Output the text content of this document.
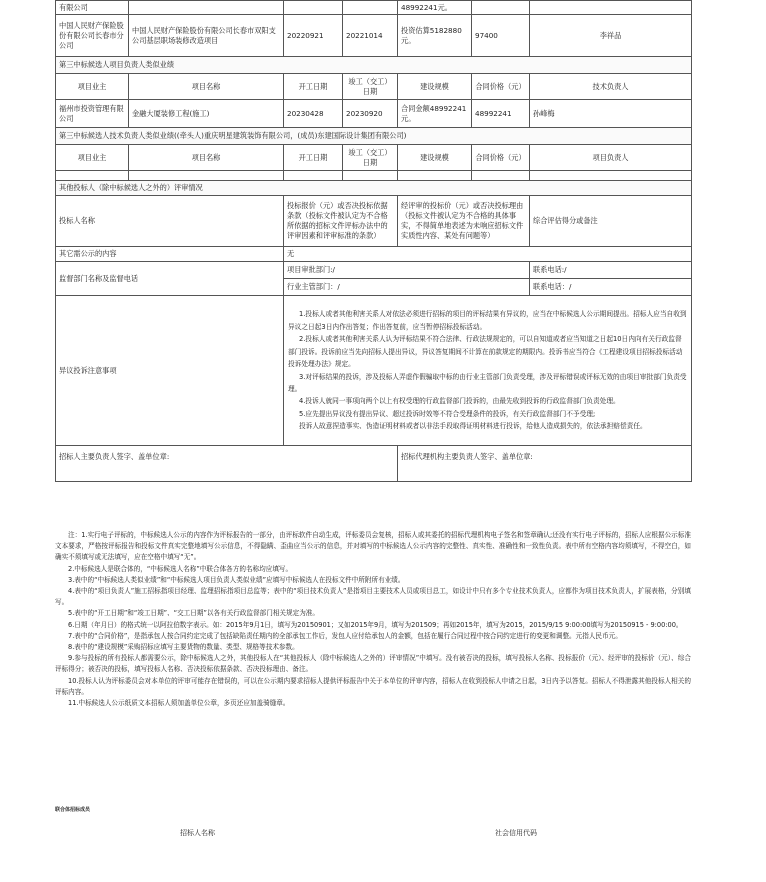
有限公司				48992241元。		
中国人民财产保险股份有限公司长春市分公司	中国人民财产保险股份有限公司长春市双阳支公司基层职场装修改造项目	20220921	20221014	投资估算5182880元。	97400	李祥品
第三中标候选人项目负责人类似业绩
项目业主	项目名称	开工日期	竣工（交工）日期	建设规模	合同价格（元）	技术负责人
福州市投资管理有限公司	金融大厦装修工程(施工)	20230428	20230920	合同金额48992241元。	48992241	孙峰梅
第三中标候选人技术负责人类似业绩((牵头人)重庆明星建筑装饰有限公司，(成员)东建国际设计集团有限公司)
项目业主	项目名称	开工日期	竣工（交工）日期	建设规模	合同价格（元）	项目负责人

其他投标人（除中标候选人之外的）评审情况
投标人名称	投标报价（元）或否决投标依据条款（投标文件被认定为不合格所依据的招标文件评标办法中的评审因素和评审标准的条款）	经评审的投标价（元）或否决投标理由（投标文件被认定为不合格的具体事实，不得简单地表述为未响应招标文件实质性内容、某处有问题等）	综合评估得分或备注
其它需公示的内容	无
监督部门名称及监督电话	项目审批部门:/	联系电话:/
行业主管部门：/	联系电话：/
异议投诉注意事项	

1.投标人或者其他利害关系人对依法必须进行招标的项目的评标结果有异议的，应当在中标候选人公示期间提出。招标人应当自收到异议之日起3日内作出答复；作出答复前，应当暂停招标投标活动。

2.投标人或者其他利害关系人认为评标结果不符合法律、行政法规规定的，可以自知道或者应当知道之日起10日内向有关行政监督部门投诉。投诉前应当先向招标人提出异议，异议答复期间不计算在前款规定的期限内。投诉书应当符合《工程建设项目招标投标活动投诉处理办法》规定。

3.对评标结果的投诉，涉及投标人弄虚作假骗取中标的由行业主管部门负责受理，涉及评标错误或评标无效的由项目审批部门负责受理。

4.投诉人就同一事项向两个以上有权受理的行政监督部门投诉的，由最先收到投诉的行政监督部门负责处理。

5.应先提出异议没有提出异议、超过投诉时效等不符合受理条件的投诉，有关行政监督部门不予受理;

投诉人故意捏造事实、伪造证明材料或者以非法手段取得证明材料进行投诉，给他人造成损失的，依法承担赔偿责任。

招标人主要负责人签字、盖单位章:	招标代理机构主要负责人签字、盖单位章:

注：1.实行电子评标的，中标候选人公示的内容作为评标报告的一部分，由评标软件自动生成，评标委员会复核，招标人或其委托的招标代理机构电子签名和签章确认;还没有实行电子评标的，招标人应根据公示标准文本要求，严格按评标报告和投标文件真实完整地填写公示信息，不得隐瞒、歪曲应当公示的信息，并对填写的中标候选人公示内容的完整性、真实性、准确性和一致性负责。表中所有空格内容均须填写，不得空白，如确实不须填写或无法填写，应在空格中填写“无”。

2.中标候选人是联合体的，“中标候选人名称”中联合体各方的名称均应填写。

3.表中的“中标候选人类似业绩”和“中标候选人项目负责人类似业绩”应填写中标候选人在投标文件中所附所有业绩。

4.表中的“项目负责人”施工招标指项目经理、监理招标指项目总监等；表中的“项目技术负责人”是指项目主要技术人员或项目总工，如设计中只有多个专业技术负责人，应都作为项目技术负责人，扩展表格，分别填写。

5.表中的“开工日期”和“竣工日期”、“交工日期”以各有关行政监督部门相关规定为准。

6.日期（年月日）的格式统一以阿拉伯数字表示。如：2015年9月1日，填写为20150901；又如2015年9月，填写为201509；再如2015年，填写为2015，2015/9/15 9:00:00填写为20150915 - 9:00:00。

7.表中的“合同价格”，是指承包人按合同约定完成了包括缺陷责任期内的全部承包工作后，发包人应付给承包人的金额，包括在履行合同过程中按合同约定进行的变更和调整。元指人民币元。

8.表中的“建设规模”采购招标应填写主要货物的数量、类型、规格等技术参数。

9.参与投标的所有投标人都需要公示，除中标候选人之外，其他投标人在“其他投标人（除中标候选人之外的）评审情况”中填写。没有被否决的投标，填写投标人名称、投标报价（元）、经评审的投标价（元）、综合评标得分；被否决的投标，填写投标人名称、否决投标依据条款、否决投标理由、备注。

10.投标人认为评标委员会对本单位的评审可能存在错误的，可以在公示期内要求招标人提供评标报告中关于本单位的评审内容，招标人在收到投标人申请之日起，3日内予以答复。招标人不得泄露其他投标人相关的评标内容。

11.中标候选人公示纸质文本招标人须加盖单位公章，多页还应加盖骑缝章。

联合体招标成员
招标人名称	社会信用代码
